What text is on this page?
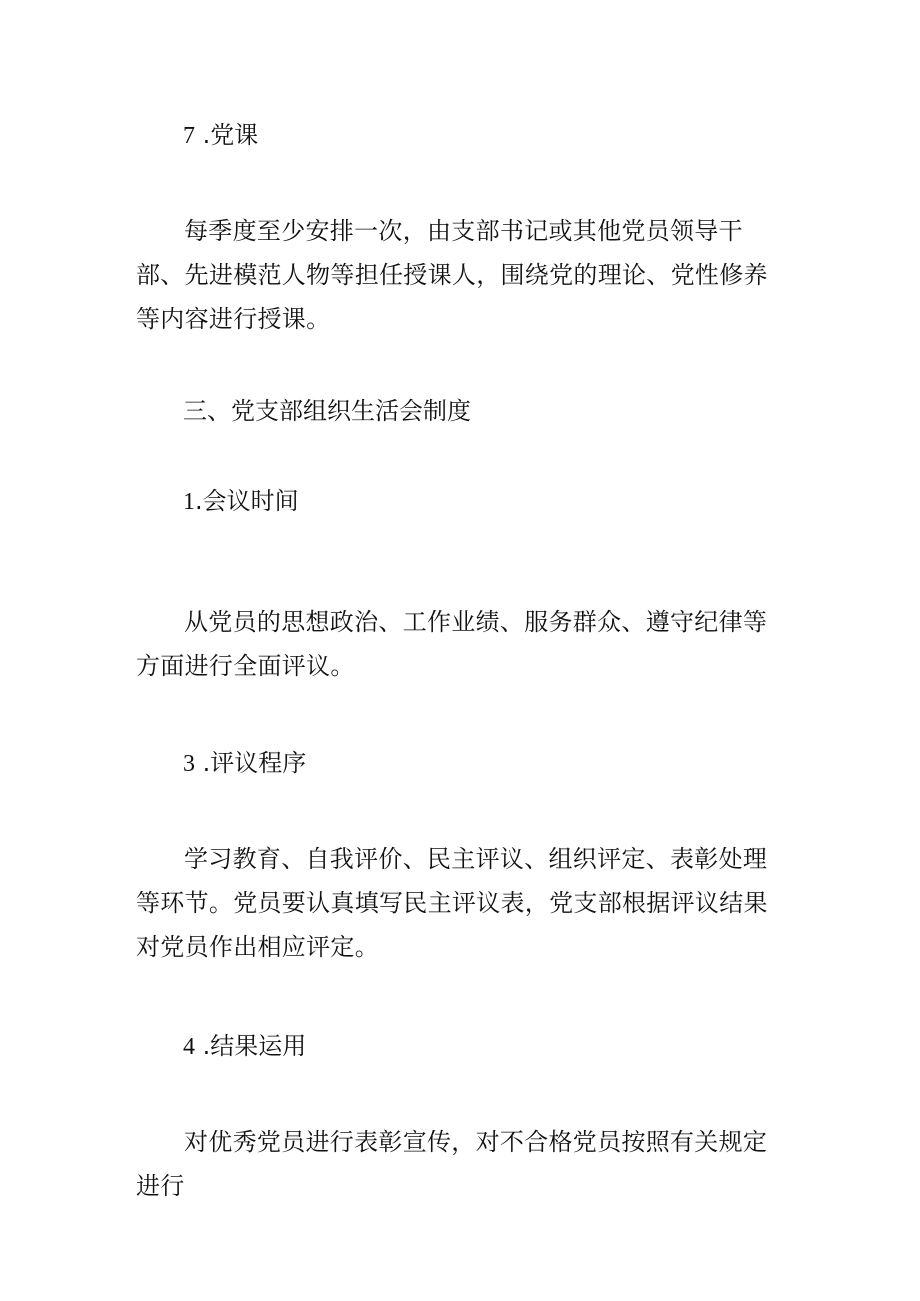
7 .党课
每季度至少安排一次，由支部书记或其他党员领导干部、先进模范人物等担任授课人，围绕党的理论、党性修养等内容进行授课。
三、党支部组织生活会制度
1.会议时间
从党员的思想政治、工作业绩、服务群众、遵守纪律等方面进行全面评议。
3 .评议程序
学习教育、自我评价、民主评议、组织评定、表彰处理等环节。党员要认真填写民主评议表，党支部根据评议结果对党员作出相应评定。
4 .结果运用
对优秀党员进行表彰宣传，对不合格党员按照有关规定进行
